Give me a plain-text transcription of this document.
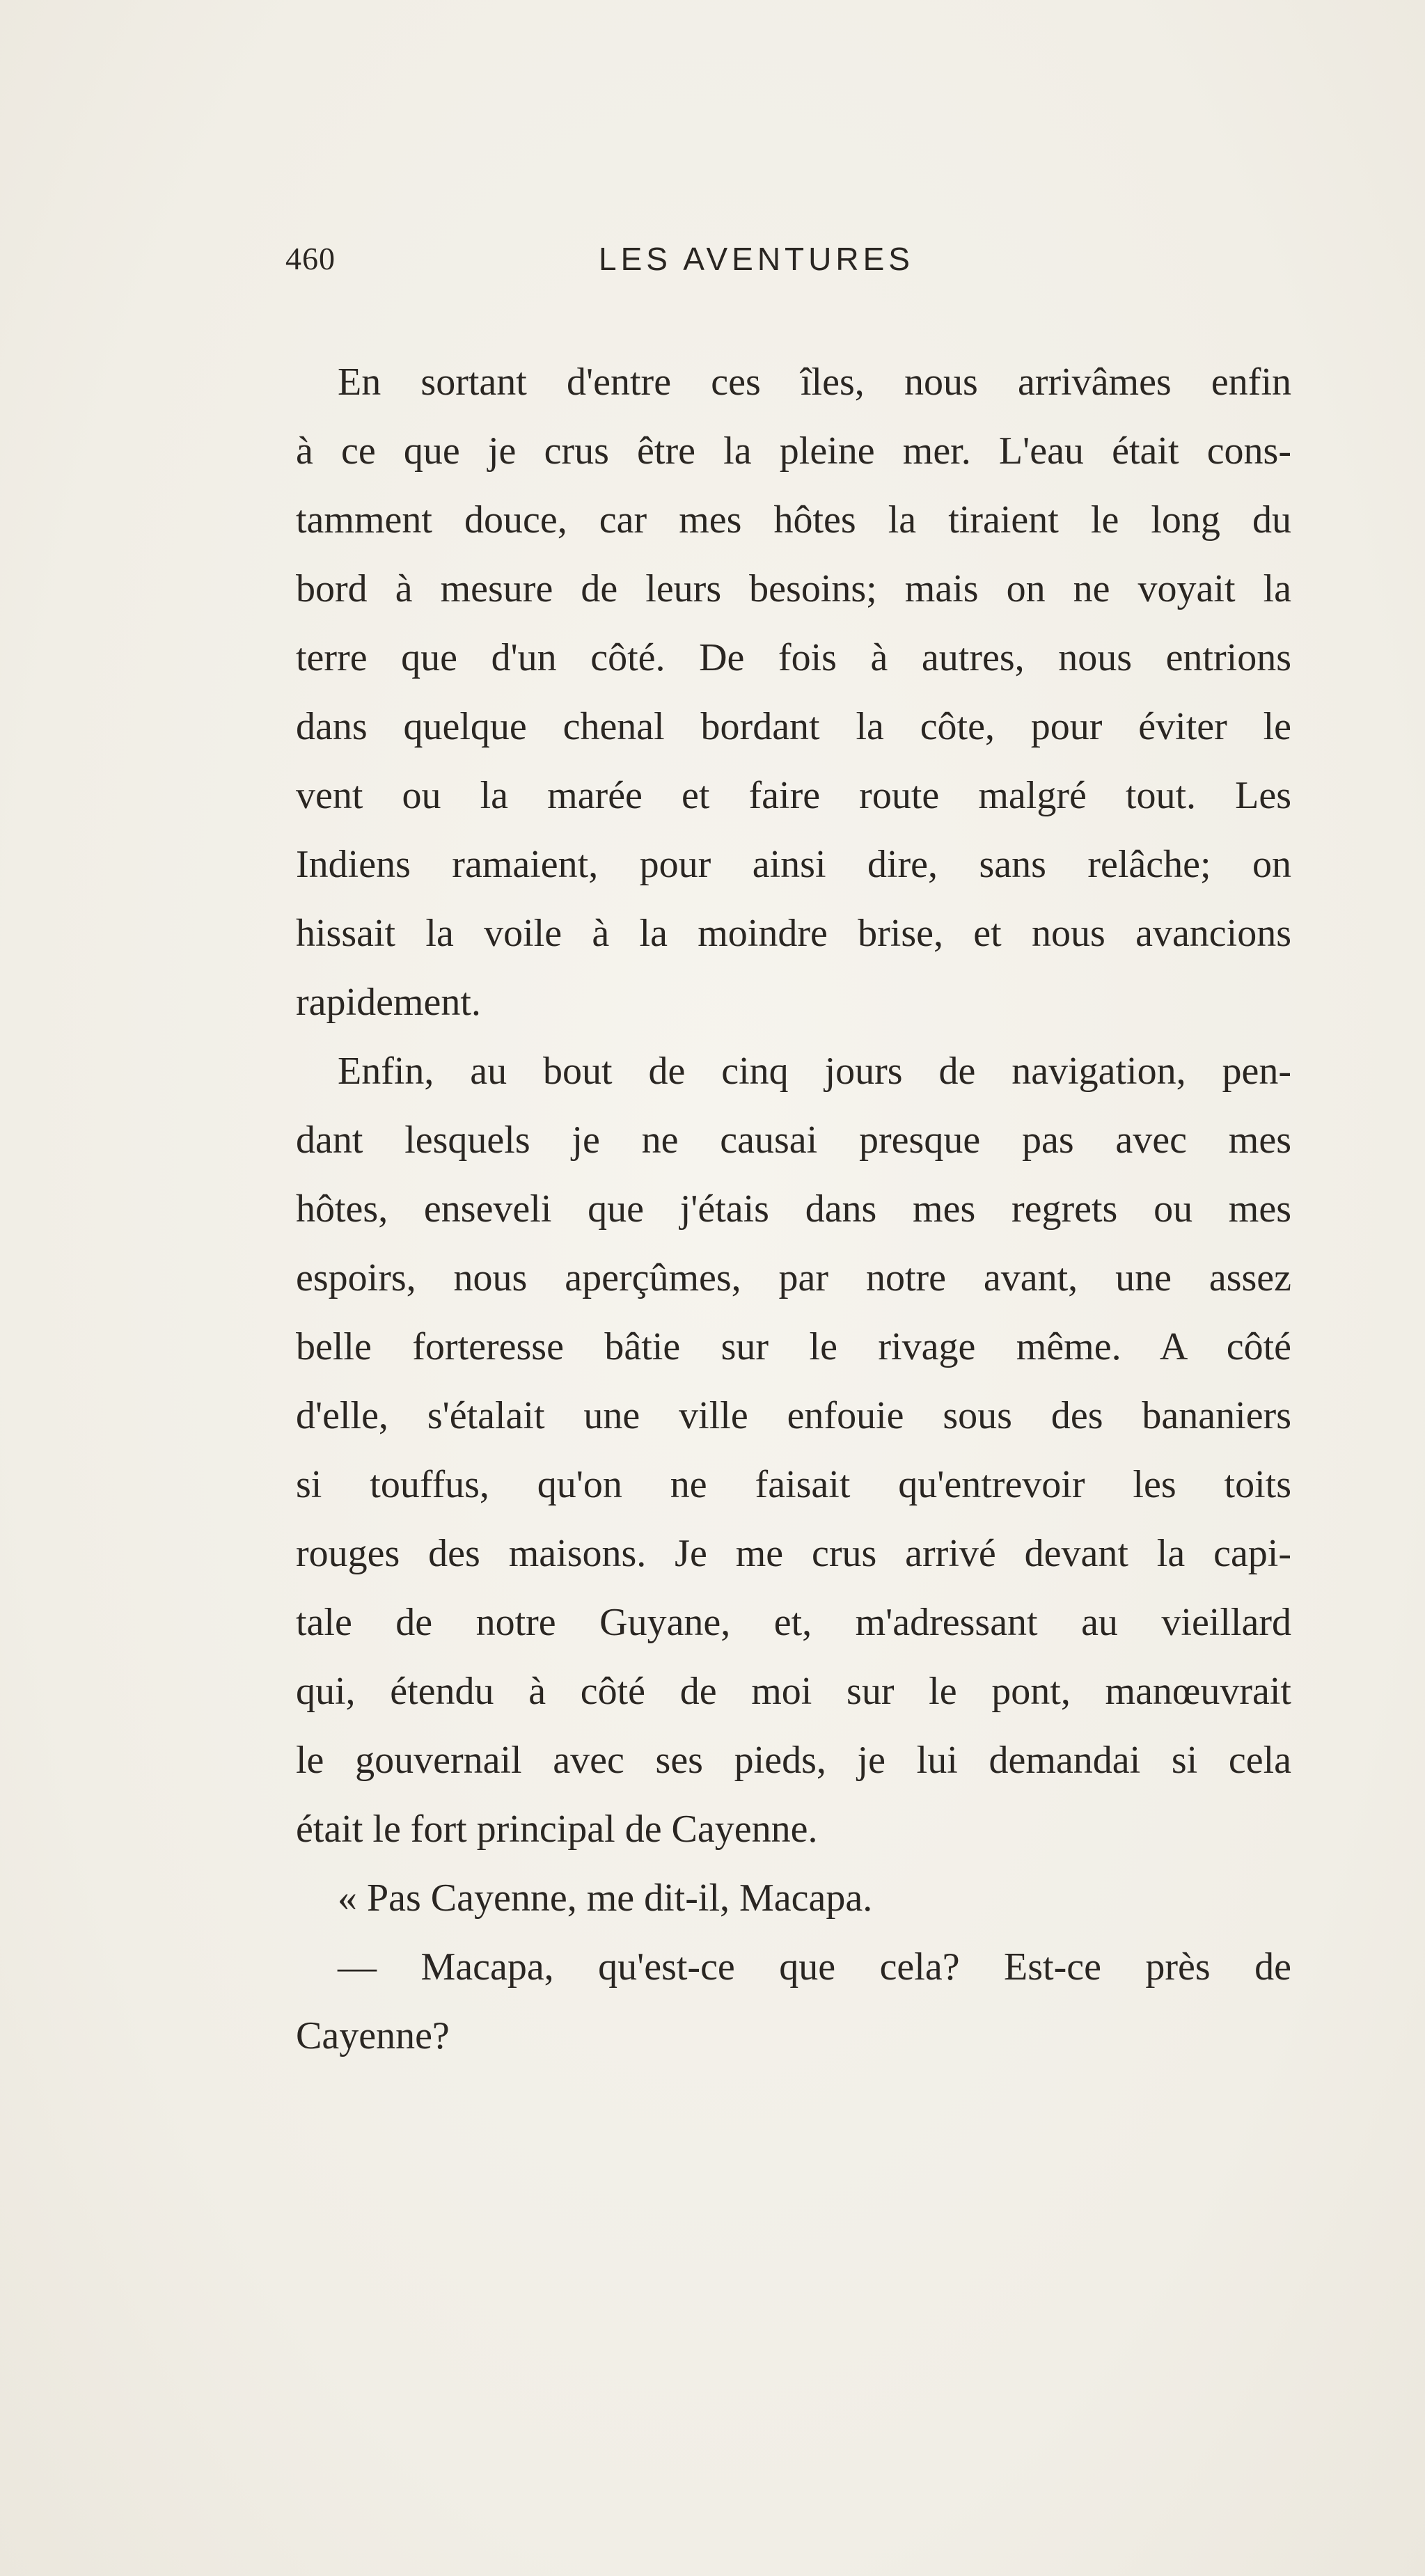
460	LES AVENTURES
En sortant d'entre ces îles, nous arrivâmes enfin
à ce que je crus être la pleine mer. L'eau était cons-
tamment douce, car mes hôtes la tiraient le long du
bord à mesure de leurs besoins; mais on ne voyait la
terre que d'un côté. De fois à autres, nous entrions
dans quelque chenal bordant la côte, pour éviter le
vent ou la marée et faire route malgré tout. Les
Indiens ramaient, pour ainsi dire, sans relâche; on
hissait la voile à la moindre brise, et nous avancions
rapidement.
Enfin, au bout de cinq jours de navigation, pen-
dant lesquels je ne causai presque pas avec mes
hôtes, enseveli que j'étais dans mes regrets ou mes
espoirs, nous aperçûmes, par notre avant, une assez
belle forteresse bâtie sur le rivage même. A côté
d'elle, s'étalait une ville enfouie sous des bananiers
si touffus, qu'on ne faisait qu'entrevoir les toits
rouges des maisons. Je me crus arrivé devant la capi-
tale de notre Guyane, et, m'adressant au vieillard
qui, étendu à côté de moi sur le pont, manœuvrait
le gouvernail avec ses pieds, je lui demandai si cela
était le fort principal de Cayenne.
« Pas Cayenne, me dit-il, Macapa.
— Macapa, qu'est-ce que cela? Est-ce près de
Cayenne?
